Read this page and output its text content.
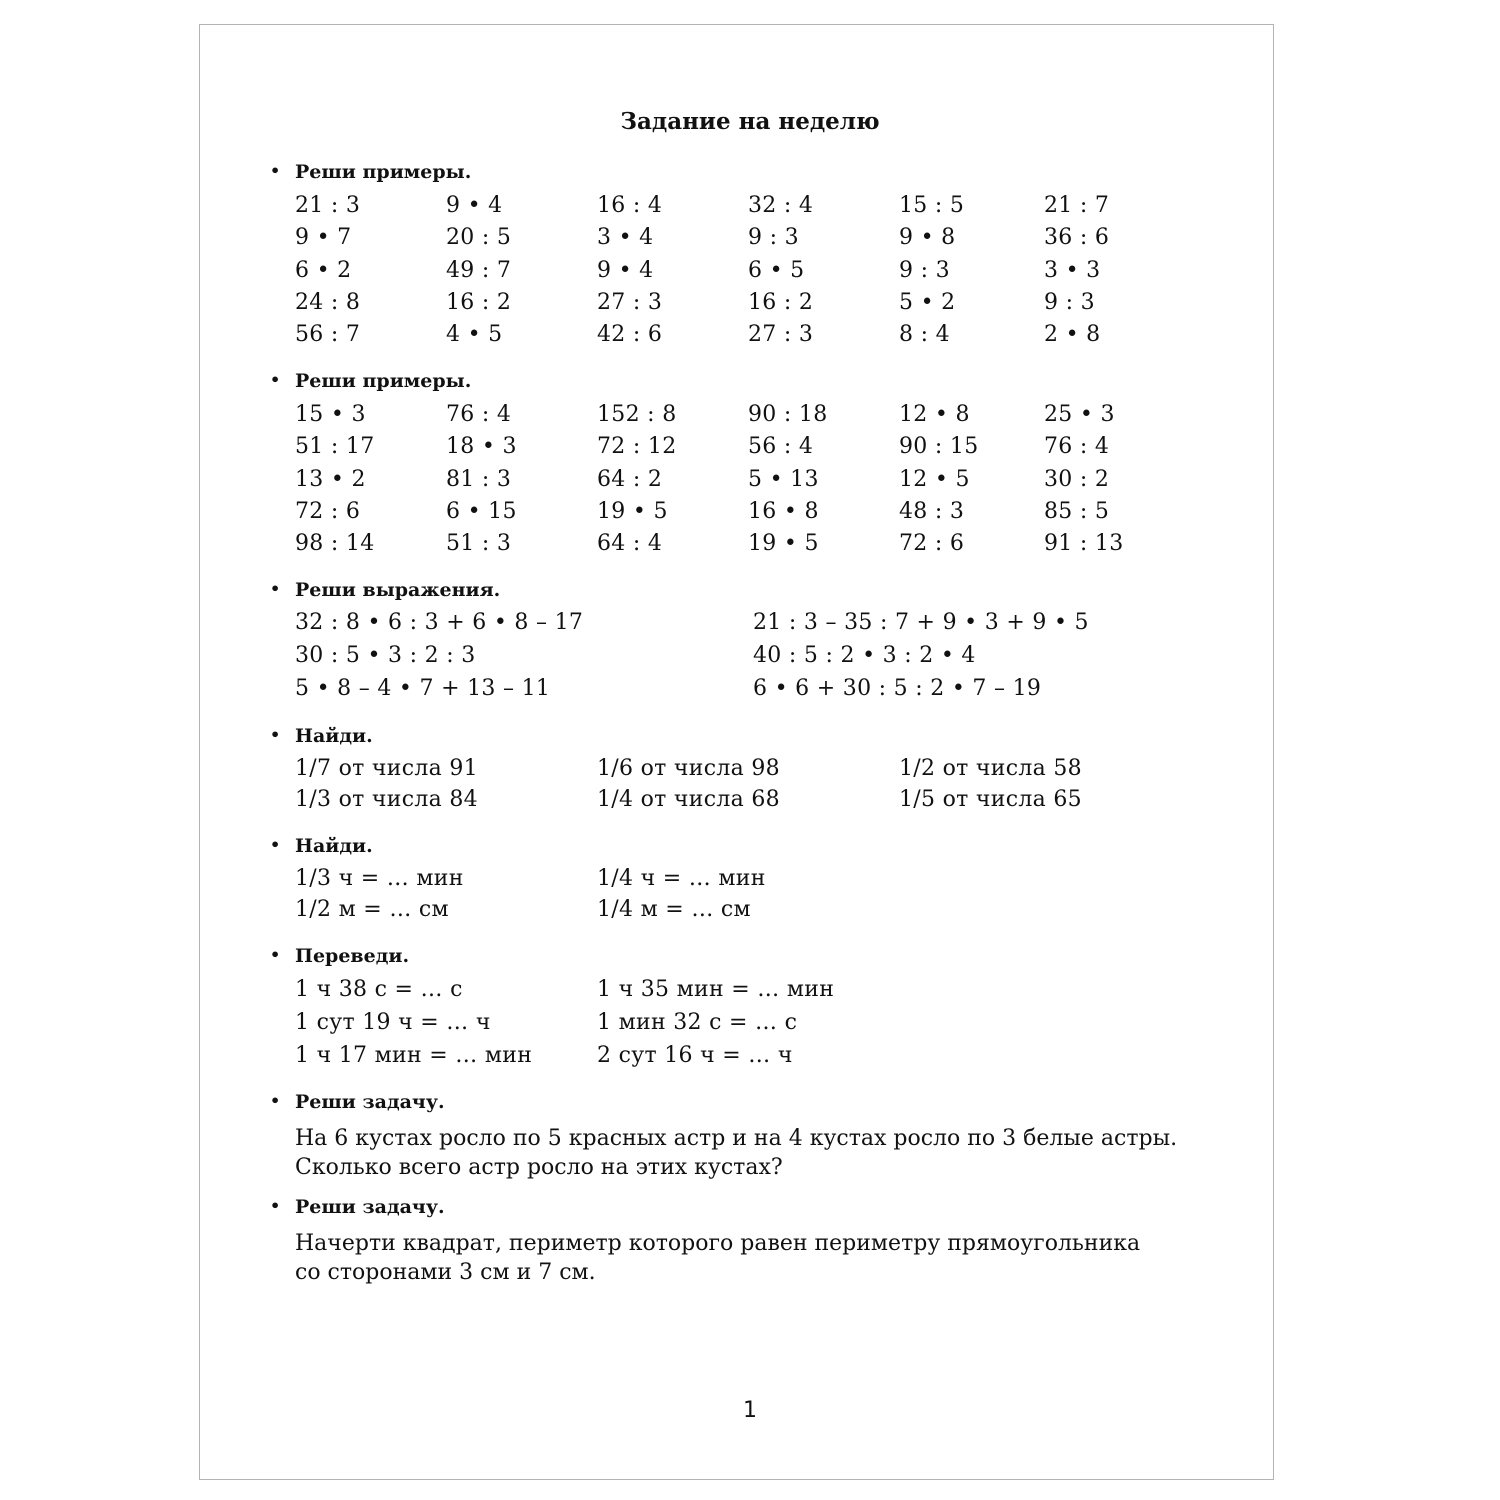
Задание на неделю
• Реши примеры.
21 : 3	9 • 4	16 : 4	32 : 4	15 : 5	21 : 7
9 • 7	20 : 5	3 • 4	9 : 3	9 • 8	36 : 6
6 • 2	49 : 7	9 • 4	6 • 5	9 : 3	3 • 3
24 : 8	16 : 2	27 : 3	16 : 2	5 • 2	9 : 3
56 : 7	4 • 5	42 : 6	27 : 3	8 : 4	2 • 8
• Реши примеры.
15 • 3	76 : 4	152 : 8	90 : 18	12 • 8	25 • 3
51 : 17	18 • 3	72 : 12	56 : 4	90 : 15	76 : 4
13 • 2	81 : 3	64 : 2	5 • 13	12 • 5	30 : 2
72 : 6	6 • 15	19 • 5	16 • 8	48 : 3	85 : 5
98 : 14	51 : 3	64 : 4	19 • 5	72 : 6	91 : 13
• Реши выражения.
32 : 8 • 6 : 3 + 6 • 8 – 17	21 : 3 – 35 : 7 + 9 • 3 + 9 • 5
30 : 5 • 3 : 2 : 3	40 : 5 : 2 • 3 : 2 • 4
5 • 8 – 4 • 7 + 13 – 11	6 • 6 + 30 : 5 : 2 • 7 – 19
• Найди.
1/7 от числа 91	1/6 от числа 98	1/2 от числа 58
1/3 от числа 84	1/4 от числа 68	1/5 от числа 65
• Найди.
1/3 ч = … мин	1/4 ч = … мин
1/2 м = … см	1/4 м = … см
• Переведи.
1 ч 38 с = … с	1 ч 35 мин = … мин
1 сут 19 ч = … ч	1 мин 32 с = … с
1 ч 17 мин = … мин	2 сут 16 ч = … ч
• Реши задачу.
На 6 кустах росло по 5 красных астр и на 4 кустах росло по 3 белые астры.
Сколько всего астр росло на этих кустах?
• Реши задачу.
Начерти квадрат, периметр которого равен периметру прямоугольника
со сторонами 3 см и 7 см.
1
